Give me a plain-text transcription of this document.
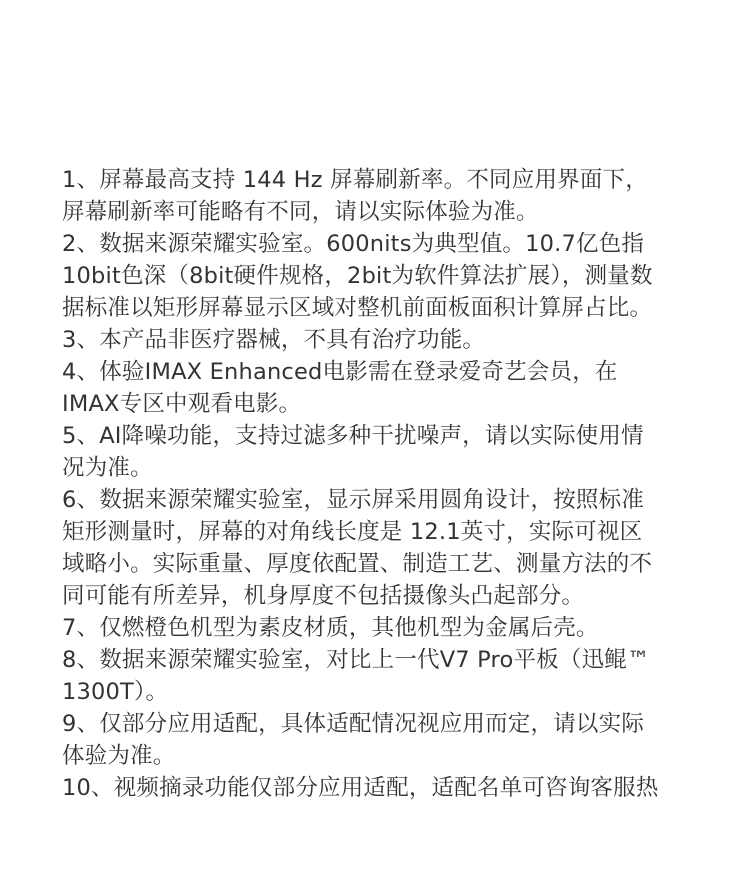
1、屏幕最高支持 144 Hz 屏幕刷新率。不同应用界面下，
屏幕刷新率可能略有不同，请以实际体验为准。
2、数据来源荣耀实验室。600nits为典型值。10.7亿色指
10bit色深（8bit硬件规格，2bit为软件算法扩展），测量数
据标准以矩形屏幕显示区域对整机前面板面积计算屏占比。
3、本产品非医疗器械，不具有治疗功能。
4、体验IMAX Enhanced电影需在登录爱奇艺会员，在
IMAX专区中观看电影。
5、AI降噪功能，支持过滤多种干扰噪声，请以实际使用情
况为准。
6、数据来源荣耀实验室，显示屏采用圆角设计，按照标准
矩形测量时，屏幕的对角线长度是 12.1英寸，实际可视区
域略小。实际重量、厚度依配置、制造工艺、测量方法的不
同可能有所差异，机身厚度不包括摄像头凸起部分。
7、仅燃橙色机型为素皮材质，其他机型为金属后壳。
8、数据来源荣耀实验室，对比上一代V7 Pro平板（迅鲲™
1300T）。
9、仅部分应用适配，具体适配情况视应用而定，请以实际
体验为准。
10、视频摘录功能仅部分应用适配，适配名单可咨询客服热
